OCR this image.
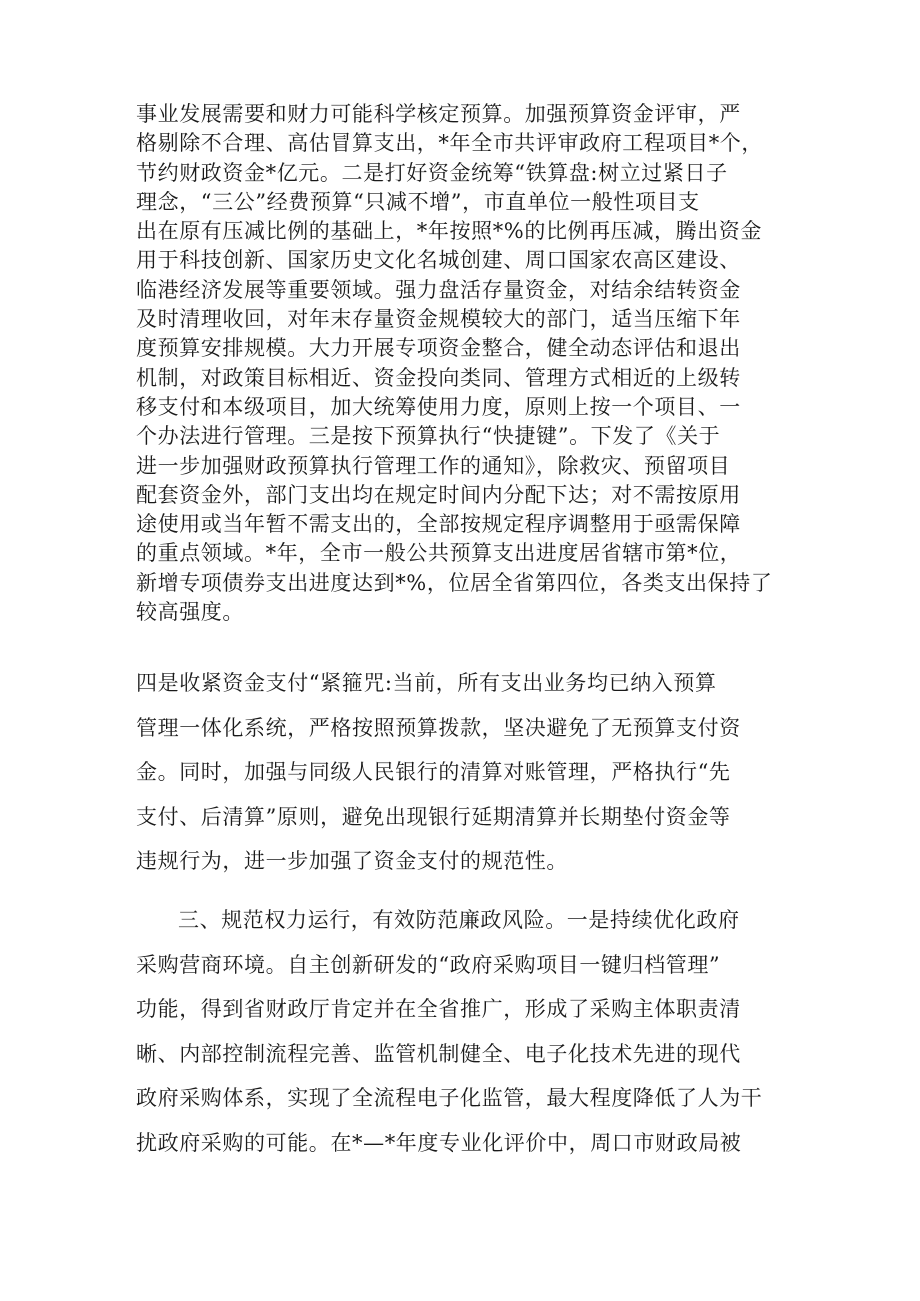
事业发展需要和财力可能科学核定预算。加强预算资金评审，严
格剔除不合理、高估冒算支出，*年全市共评审政府工程项目*个，
节约财政资金*亿元。二是打好资金统筹“铁算盘:树立过紧日子
理念，“三公”经费预算“只减不增”，市直单位一般性项目支
出在原有压减比例的基础上，*年按照*%的比例再压减，腾出资金
用于科技创新、国家历史文化名城创建、周口国家农高区建设、
临港经济发展等重要领域。强力盘活存量资金，对结余结转资金
及时清理收回，对年末存量资金规模较大的部门，适当压缩下年
度预算安排规模。大力开展专项资金整合，健全动态评估和退出
机制，对政策目标相近、资金投向类同、管理方式相近的上级转
移支付和本级项目，加大统筹使用力度，原则上按一个项目、一
个办法进行管理。三是按下预算执行“快捷键”。下发了《关于
进一步加强财政预算执行管理工作的通知》，除救灾、预留项目
配套资金外，部门支出均在规定时间内分配下达；对不需按原用
途使用或当年暂不需支出的，全部按规定程序调整用于亟需保障
的重点领域。*年，全市一般公共预算支出进度居省辖市第*位，
新增专项债券支出进度达到*%，位居全省第四位，各类支出保持了
较高强度。
四是收紧资金支付“紧箍咒:当前，所有支出业务均已纳入预算
管理一体化系统，严格按照预算拨款，坚决避免了无预算支付资
金。同时，加强与同级人民银行的清算对账管理，严格执行“先
支付、后清算”原则，避免出现银行延期清算并长期垫付资金等
违规行为，进一步加强了资金支付的规范性。
三、规范权力运行，有效防范廉政风险。一是持续优化政府
采购营商环境。自主创新研发的“政府采购项目一键归档管理”
功能，得到省财政厅肯定并在全省推广，形成了采购主体职责清
晰、内部控制流程完善、监管机制健全、电子化技术先进的现代
政府采购体系，实现了全流程电子化监管，最大程度降低了人为干
扰政府采购的可能。在*—*年度专业化评价中，周口市财政局被
